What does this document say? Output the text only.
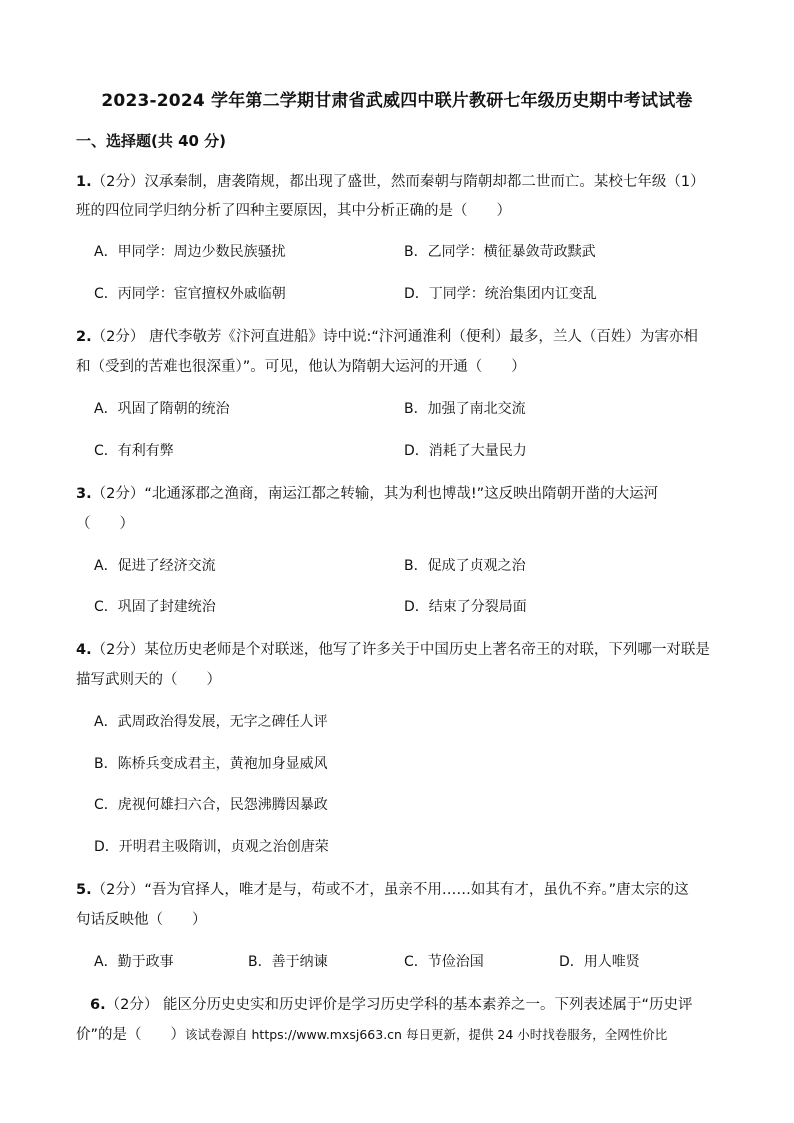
2023-2024 学年第二学期甘肃省武威四中联片教研七年级历史期中考试试卷
一、选择题(共 40 分)
1.（2分）汉承秦制，唐袭隋规，都出现了盛世，然而秦朝与隋朝却都二世而亡。某校七年级（1）
班的四位同学归纳分析了四种主要原因，其中分析正确的是（　　）
A．甲同学：周边少数民族骚扰	B．乙同学：横征暴敛苛政黩武
C．丙同学：宦官擅权外戚临朝	D．丁同学：统治集团内讧变乱
2.（2分） 唐代李敬芳《汴河直进船》诗中说:“汴河通淮利（便利）最多，兰人（百姓）为害亦相
和（受到的苦难也很深重）”。可见，他认为隋朝大运河的开通（　　）
A．巩固了隋朝的统治	B．加强了南北交流
C．有利有弊	D．消耗了大量民力
3.（2分）“北通涿郡之渔商，南运江都之转输，其为利也博哉!”这反映出隋朝开凿的大运河
（　　）
A．促进了经济交流	B．促成了贞观之治
C．巩固了封建统治	D．结束了分裂局面
4.（2分）某位历史老师是个对联迷，他写了许多关于中国历史上著名帝王的对联，下列哪一对联是
描写武则天的（　　）
A．武周政治得发展，无字之碑任人评
B．陈桥兵变成君主，黄袍加身显威风
C．虎视何雄扫六合，民怨沸腾因暴政
D．开明君主吸隋训，贞观之治创唐荣
5.（2分）“吾为官择人，唯才是与，苟或不才，虽亲不用……如其有才，虽仇不弃。”唐太宗的这
句话反映他（　　）
A．勤于政事	B．善于纳谏	C．节俭治国	D．用人唯贤
6.（2分） 能区分历史史实和历史评价是学习历史学科的基本素养之一。下列表述属于“历史评
价”的是（　　）该试卷源自 https://www.mxsj663.cn 每日更新，提供 24 小时找卷服务，全网性价比
